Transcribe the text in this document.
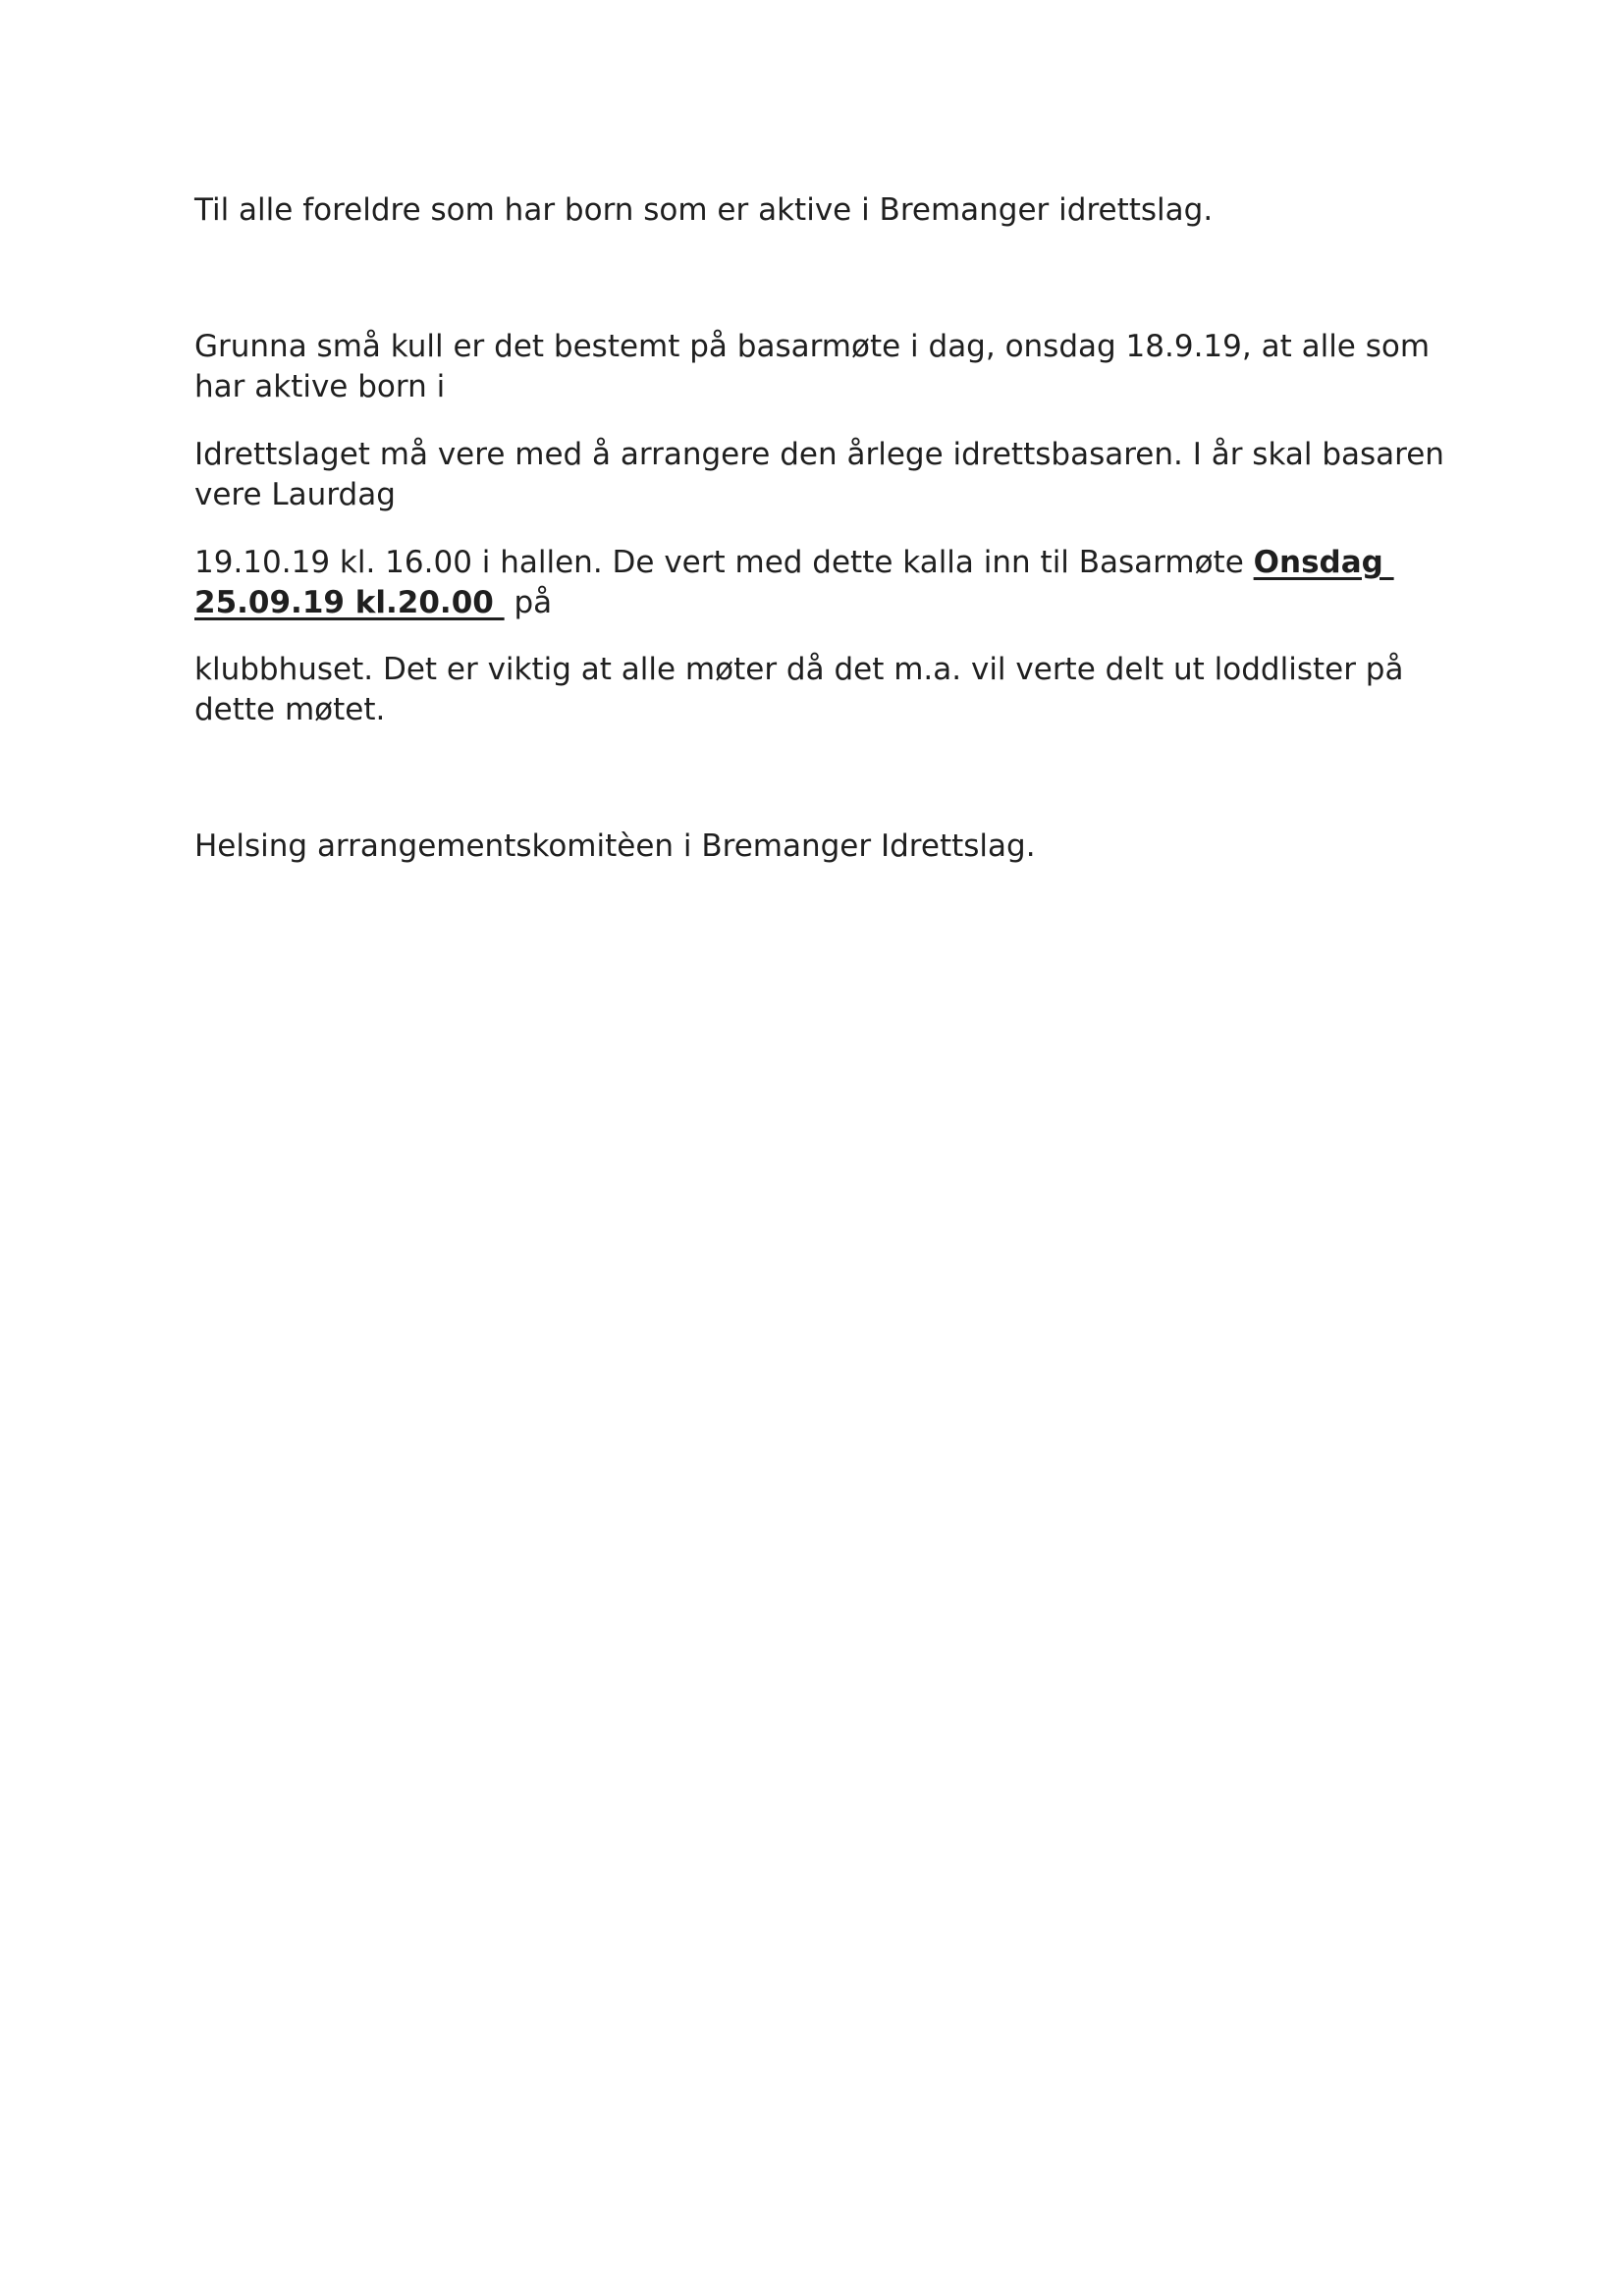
Til alle foreldre som har born som er aktive i Bremanger idrettslag.

Grunna små kull er det bestemt på basarmøte i dag, onsdag 18.9.19, at alle som

har aktive born i

Idrettslaget må vere med å arrangere den årlege idrettsbasaren. I år skal basaren

vere Laurdag

19.10.19 kl. 16.00 i hallen. De vert med dette kalla inn til Basarmøte Onsdag

25.09.19 kl.20.00  på

klubbhuset. Det er viktig at alle møter då det m.a. vil verte delt ut loddlister på

dette møtet.

Helsing arrangementskomitèen i Bremanger Idrettslag.
